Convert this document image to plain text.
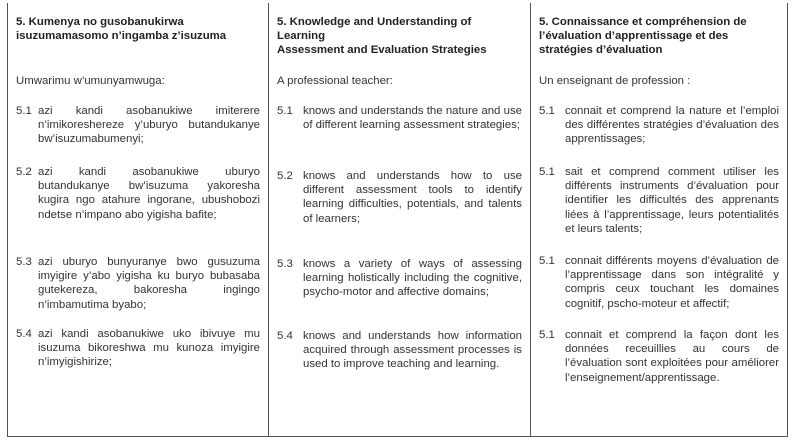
5. Kumenya no gusobanukirwa
isuzumamasomo n’ingamba z’isuzuma
Umwarimu w’umunyamwuga:
5.1 azi kandi asobanukiwe imiterere n’imikoreshereze y’uburyo butandukanye bw’isuzumabumenyi;
5.2 azi kandi asobanukiwe uburyo butandukanye bw’isuzuma yakoresha kugira ngo atahure ingorane, ubushobozi ndetse n’impano abo yigisha bafite;
5.3 azi uburyo bunyuranye bwo gusuzuma imyigire y’abo yigisha ku buryo bubasaba gutekereza, bakoresha ingingo n’imbamutima byabo;
5.4 azi kandi asobanukiwe uko ibivuye mu isuzuma bikoreshwa mu kunoza imyigire n’imyigishirize;
5. Knowledge and Understanding of Learning
Assessment and Evaluation Strategies
A professional teacher:
5.1 knows and understands the nature and use of different learning assessment strategies;
5.2 knows and understands how to use different assessment tools to identify learning difficulties, potentials, and talents of learners;
5.3 knows a variety of ways of assessing learning holistically including the cognitive, psycho-motor and affective domains;
5.4 knows and understands how information acquired through assessment processes is used to improve teaching and learning.
5. Connaissance et compréhension de
l’évaluation d’apprentissage et des
stratégies d’évaluation
Un enseignant de profession :
5.1 connait et comprend la nature et l’emploi des différentes stratégies d’évaluation des apprentissages;
5.1 sait et comprend comment utiliser les différents instruments d’évaluation pour identifier les difficultés des apprenants liées à l’apprentissage, leurs potentialités et leurs talents;
5.1 connait différents moyens d’évaluation de l’apprentissage dans son intégralité y compris ceux touchant les domaines cognitif, pscho-moteur et affectif;
5.1 connait et comprend la façon dont les données receuillies au cours de l’évaluation sont exploitées pour améliorer l’enseignement/apprentissage.
